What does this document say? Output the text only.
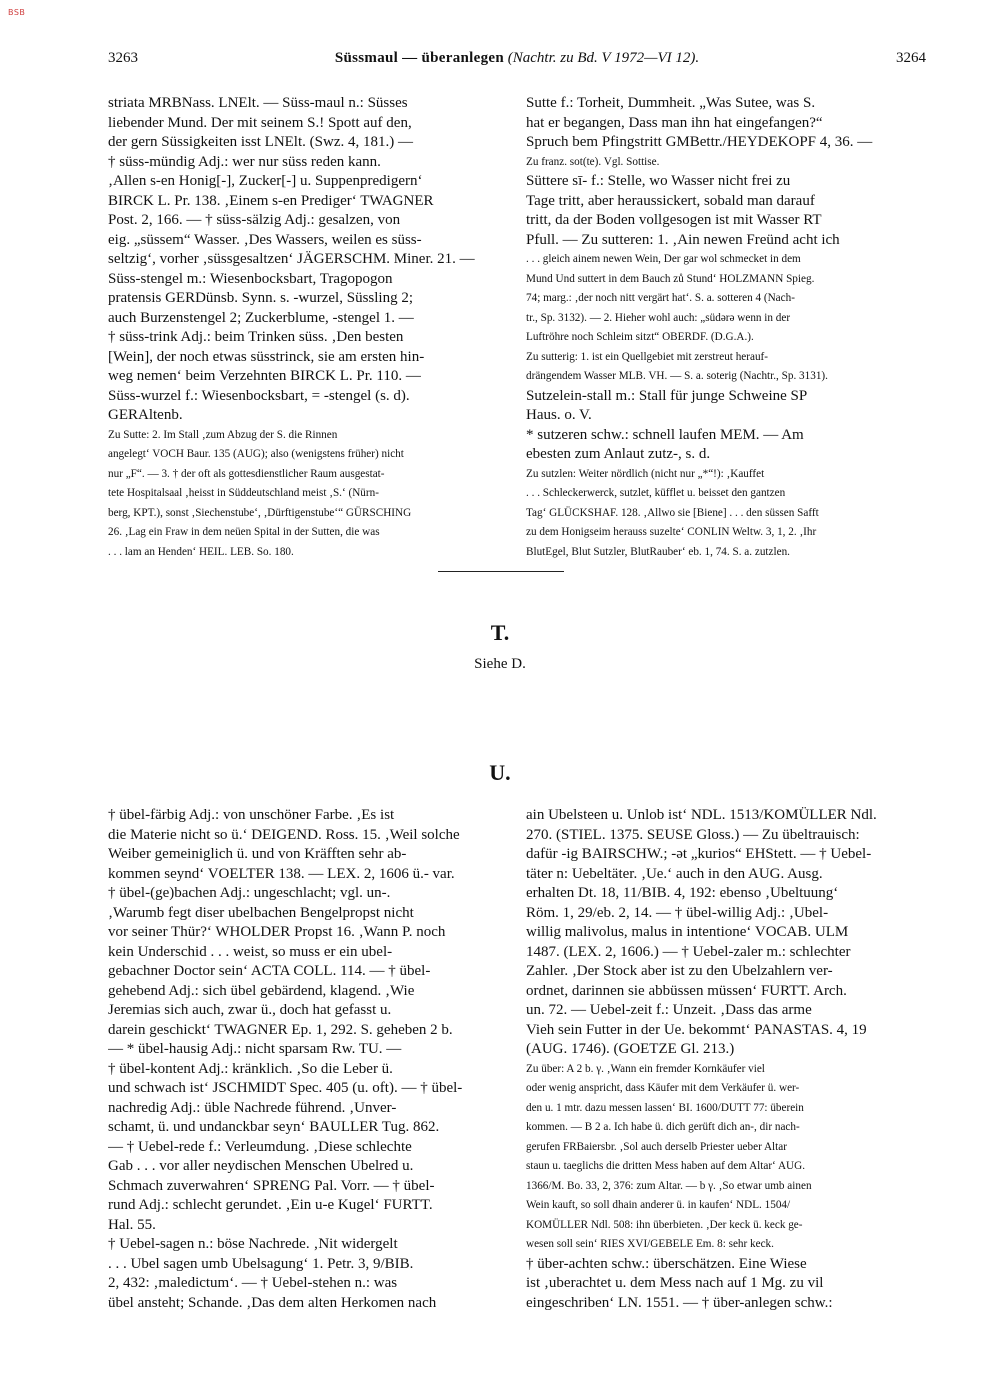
BSB
3263	Süssmaul — überanlegen (Nachtr. zu Bd. V 1972—VI 12).	3264
striata MRBNass. LNElt. — Süss-maul n.: Süsses
liebender Mund. Der mit seinem S.! Spott auf den,
der gern Süssigkeiten isst LNElt. (Swz. 4, 181.) —
† süss-mündig Adj.: wer nur süss reden kann.
‚Allen s-en Honig[-], Zucker[-] u. Suppenpredigern‘
BIRCK L. Pr. 138. ‚Einem s-en Prediger‘ TWAGNER
Post. 2, 166. — † süss-sälzig Adj.: gesalzen, von
eig. „süssem“ Wasser. ‚Des Wassers, weilen es süss-
seltzig‘, vorher ‚süssgesaltzen‘ JÄGERSCHM. Miner. 21. —
Süss-stengel m.: Wiesenbocksbart, Tragopogon
pratensis GERDünsb. Synn. s. -wurzel, Süssling 2;
auch Burzenstengel 2; Zuckerblume, -stengel 1. —
† süss-trink Adj.: beim Trinken süss. ‚Den besten
[Wein], der noch etwas süsstrinck, sie am ersten hin-
weg nemen‘ beim Verzehnten BIRCK L. Pr. 110. —
Süss-wurzel f.: Wiesenbocksbart, = -stengel (s. d).
GERAltenb.
Zu Sutte: 2. Im Stall ‚zum Abzug der S. die Rinnen
angelegt‘ VOCH Baur. 135 (AUG); also (wenigstens früher) nicht
nur „F“. — 3. † der oft als gottesdienstlicher Raum ausgestat-
tete Hospitalsaal ‚heisst in Süddeutschland meist ‚S.‘ (Nürn-
berg, KPT.), sonst ‚Siechenstube‘, ‚Dürftigenstube‘“ GÜRSCHING
26. ‚Lag ein Fraw in dem neüen Spital in der Sutten, die was
. . . lam an Henden‘ HEIL. LEB. So. 180.
Sutte f.: Torheit, Dummheit. „Was Sutee, was S.
hat er begangen, Dass man ihn hat eingefangen?“
Spruch bem Pfingstritt GMBettr./HEYDEKOPF 4, 36. —
Zu franz. sot(te). Vgl. Sottise.
Süttere sī- f.: Stelle, wo Wasser nicht frei zu
Tage tritt, aber heraussickert, sobald man darauf
tritt, da der Boden vollgesogen ist mit Wasser RT
Pfull. — Zu sutteren: 1. ‚Ain newen Freünd acht ich
. . . gleich ainem newen Wein, Der gar wol schmecket in dem
Mund Und suttert in dem Bauch zů Stund‘ HOLZMANN Spieg.
74; marg.: ‚der noch nitt vergärt hat‘. S. a. sotteren 4 (Nach-
tr., Sp. 3132). — 2. Hieher wohl auch: „südərə wenn in der
Luftröhre noch Schleim sitzt“ OBERDF. (D.G.A.).
Zu sutterig: 1. ist ein Quellgebiet mit zerstreut herauf-
drängendem Wasser MLB. VH. — S. a. soterig (Nachtr., Sp. 3131).
Sutzelein-stall m.: Stall für junge Schweine SP
Haus. o. V.
* sutzeren schw.: schnell laufen MEM. — Am
ebesten zum Anlaut zutz-, s. d.
Zu sutzlen: Weiter nördlich (nicht nur „*“!): ‚Kauffet
. . . Schleckerwerck, sutzlet, küfflet u. beisset den gantzen
Tag‘ GLÜCKSHAF. 128. ‚Allwo sie [Biene] . . . den süssen Safft
zu dem Honigseim herauss suzelte‘ CONLIN Weltw. 3, 1, 2. ‚Ihr
BlutEgel, Blut Sutzler, BlutRauber‘ eb. 1, 74. S. a. zutzlen.
T.
Siehe D.
U.
† übel-färbig Adj.: von unschöner Farbe. ‚Es ist
die Materie nicht so ü.‘ DEIGEND. Ross. 15. ‚Weil solche
Weiber gemeiniglich ü. und von Kräfften sehr ab-
kommen seynd‘ VOELTER 138. — LEX. 2, 1606 ü.- var.
† übel-(ge)bachen Adj.: ungeschlacht; vgl. un-.
‚Warumb fegt diser ubelbachen Bengelpropst nicht
vor seiner Thür?‘ WHOLDER Propst 16. ‚Wann P. noch
kein Underschid . . . weist, so muss er ein ubel-
gebachner Doctor sein‘ ACTA COLL. 114. — † übel-
gehebend Adj.: sich übel gebärdend, klagend. ‚Wie
Jeremias sich auch, zwar ü., doch hat gefasst u.
darein geschickt‘ TWAGNER Ep. 1, 292. S. geheben 2 b.
— * übel-hausig Adj.: nicht sparsam Rw. TU. —
† übel-kontent Adj.: kränklich. ‚So die Leber ü.
und schwach ist‘ JSCHMIDT Spec. 405 (u. oft). — † übel-
nachredig Adj.: üble Nachrede führend. ‚Unver-
schamt, ü. und undanckbar seyn‘ BAULLER Tug. 862.
— † Uebel-rede f.: Verleumdung. ‚Diese schlechte
Gab . . . vor aller neydischen Menschen Ubelred u.
Schmach zuverwahren‘ SPRENG Pal. Vorr. — † übel-
rund Adj.: schlecht gerundet. ‚Ein u-e Kugel‘ FURTT.
Hal. 55.
† Uebel-sagen n.: böse Nachrede. ‚Nit widergelt
. . . Ubel sagen umb Ubelsagung‘ 1. Petr. 3, 9/BIB.
2, 432: ‚maledictum‘. — † Uebel-stehen n.: was
übel ansteht; Schande. ‚Das dem alten Herkomen nach
ain Ubelsteen u. Unlob ist‘ NDL. 1513/KOMÜLLER Ndl.
270. (STIEL. 1375. SEUSE Gloss.) — Zu übeltrauisch:
dafür -ig BAIRSCHW.; -ət „kurios“ EHStett. — † Uebel-
täter n: Uebeltäter. ‚Ue.‘ auch in den AUG. Ausg.
erhalten Dt. 18, 11/BIB. 4, 192: ebenso ‚Ubeltuung‘
Röm. 1, 29/eb. 2, 14. — † übel-willig Adj.: ‚Ubel-
willig malivolus, malus in intentione‘ VOCAB. ULM
1487. (LEX. 2, 1606.) — † Uebel-zaler m.: schlechter
Zahler. ‚Der Stock aber ist zu den Ubelzahlern ver-
ordnet, darinnen sie abbüssen müssen‘ FURTT. Arch.
un. 72. — Uebel-zeit f.: Unzeit. ‚Dass das arme
Vieh sein Futter in der Ue. bekommt‘ PANASTAS. 4, 19
(AUG. 1746). (GOETZE Gl. 213.)
Zu über: A 2 b. γ. ‚Wann ein fremder Kornkäufer viel
oder wenig anspricht, dass Käufer mit dem Verkäufer ü. wer-
den u. 1 mtr. dazu messen lassen‘ BI. 1600/DUTT 77: überein
kommen. — B 2 a. Ich habe ü. dich gerüft dich an-, dir nach-
gerufen FRBaiersbr. ‚Sol auch derselb Priester ueber Altar
staun u. taeglichs die dritten Mess haben auf dem Altar‘ AUG.
1366/M. Bo. 33, 2, 376: zum Altar. — b γ. ‚So etwar umb ainen
Wein kauft, so soll dhain anderer ü. in kaufen‘ NDL. 1504/
KOMÜLLER Ndl. 508: ihn überbieten. ‚Der keck ü. keck ge-
wesen soll sein‘ RIES XVI/GEBELE Em. 8: sehr keck.
† über-achten schw.: überschätzen. Eine Wiese
ist ‚uberachtet u. dem Mess nach auf 1 Mg. zu vil
eingeschriben‘ LN. 1551. — † über-anlegen schw.:
